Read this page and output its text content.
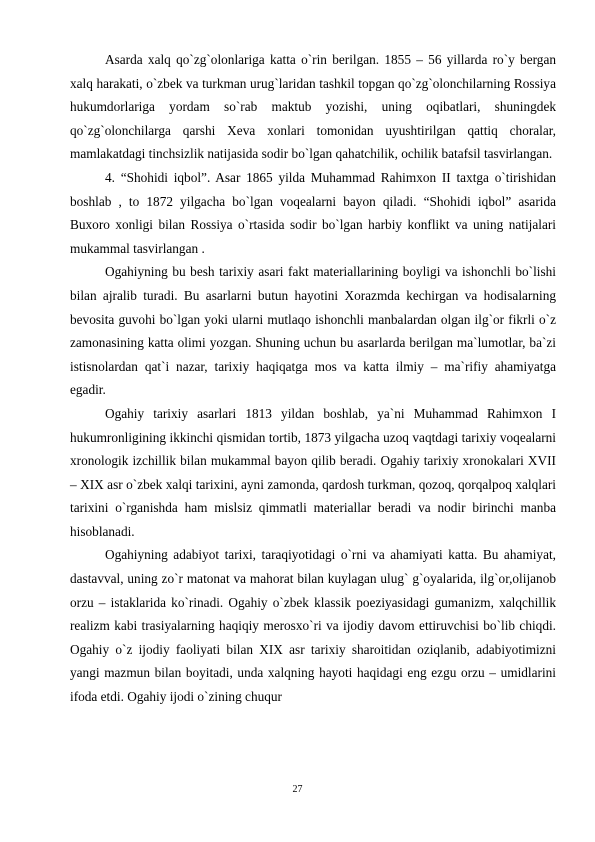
Asarda xalq qo`zg`olonlariga katta o`rin berilgan. 1855 – 56 yillarda ro`y bergan xalq harakati, o`zbek va turkman urug`laridan tashkil topgan qo`zg`olonchilarning Rossiya hukumdorlariga yordam so`rab maktub yozishi, uning oqibatlari, shuningdek qo`zg`olonchilarga qarshi Xeva xonlari tomonidan uyushtirilgan qattiq choralar, mamlakatdagi tinchsizlik natijasida sodir bo`lgan qahatchilik, ochilik batafsil tasvirlangan.

4. “Shohidi iqbol”. Asar 1865 yilda Muhammad Rahimxon II taxtga o`tirishidan boshlab , to 1872 yilgacha bo`lgan voqealarni bayon qiladi. “Shohidi iqbol” asarida Buxoro xonligi bilan Rossiya o`rtasida sodir bo`lgan harbiy konflikt va uning natijalari mukammal tasvirlangan .

Ogahiyning bu besh tarixiy asari fakt materiallarining boyligi va ishonchli bo`lishi bilan ajralib turadi. Bu asarlarni butun hayotini Xorazmda kechirgan va hodisalarning bevosita guvohi bo`lgan yoki ularni mutlaqo ishonchli manbalardan olgan ilg`or fikrli o`z zamonasining katta olimi yozgan. Shuning uchun bu asarlarda berilgan ma`lumotlar, ba`zi istisnolardan qat`i nazar, tarixiy haqiqatga mos va katta ilmiy – ma`rifiy ahamiyatga egadir.

Ogahiy tarixiy asarlari 1813 yildan boshlab, ya`ni Muhammad Rahimxon I hukumronligining ikkinchi qismidan tortib, 1873 yilgacha uzoq vaqtdagi tarixiy voqealarni xronologik izchillik bilan mukammal bayon qilib beradi. Ogahiy tarixiy xronokalari XVII – XIX asr o`zbek xalqi tarixini, ayni zamonda, qardosh turkman, qozoq, qorqalpoq xalqlari tarixini o`rganishda ham mislsiz qimmatli materiallar beradi va nodir birinchi manba hisoblanadi.

Ogahiyning adabiyot tarixi, taraqiyotidagi o`rni va ahamiyati katta. Bu ahamiyat, dastavval, uning zo`r matonat va mahorat bilan kuylagan ulug` g`oyalarida, ilg`or,olijanob orzu – istaklarida ko`rinadi. Ogahiy o`zbek klassik poeziyasidagi gumanizm, xalqchillik realizm kabi trasiyalarning haqiqiy merosxo`ri va ijodiy davom ettiruvchisi bo`lib chiqdi. Ogahiy o`z ijodiy faoliyati bilan XIX asr tarixiy sharoitidan oziqlanib, adabiyotimizni yangi mazmun bilan boyitadi, unda xalqning hayoti haqidagi eng ezgu orzu – umidlarini ifoda etdi. Ogahiy ijodi o`zining chuqur

27
